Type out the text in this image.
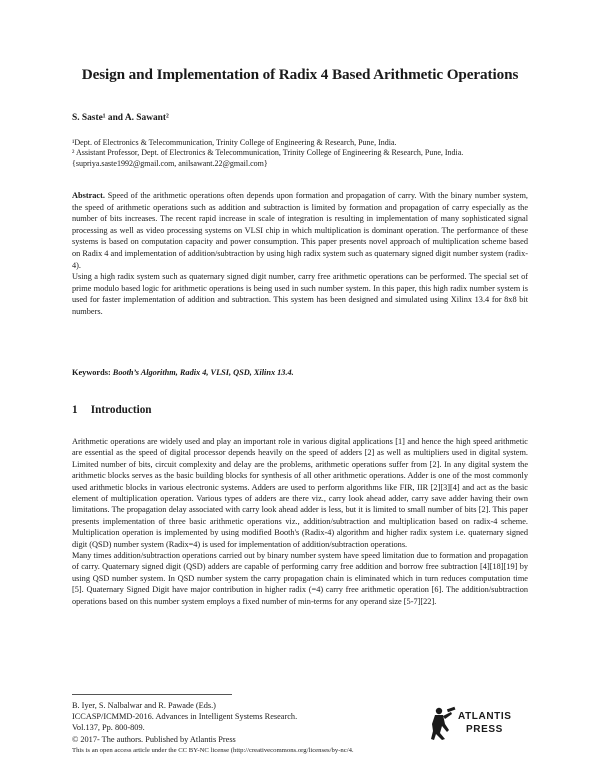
Design and Implementation of Radix 4 Based Arithmetic Operations
S. Saste¹ and A. Sawant²
¹Dept. of Electronics & Telecommunication, Trinity College of Engineering & Research, Pune, India.
² Assistant Professor, Dept. of Electronics & Telecommunication, Trinity College of Engineering & Research, Pune, India.
{supriya.saste1992@gmail.com, anilsawant.22@gmail.com}

Abstract. Speed of the arithmetic operations often depends upon formation and propagation of carry. With the binary number system, the speed of arithmetic operations such as addition and subtraction is limited by formation and propagation of carry especially as the number of bits increases. The recent rapid increase in scale of integration is resulting in implementation of many sophisticated signal processing as well as video processing systems on VLSI chip in which multiplication is dominant operation. The performance of these systems is based on computation capacity and power consumption. This paper presents novel approach of multiplication scheme based on Radix 4 and implementation of addition/subtraction by using high radix system such as quaternary signed digit number system (radix-4).

Using a high radix system such as quaternary signed digit number, carry free arithmetic operations can be performed. The special set of prime modulo based logic for arithmetic operations is being used in such number system. In this paper, this high radix number system is used for faster implementation of addition and subtraction. This system has been designed and simulated using Xilinx 13.4 for 8x8 bit numbers.

Keywords: Booth’s Algorithm, Radix 4, VLSI, QSD, Xilinx 13.4.
1 Introduction

Arithmetic operations are widely used and play an important role in various digital applications [1] and hence the high speed arithmetic are essential as the speed of digital processor depends heavily on the speed of adders [2] as well as multipliers used in digital system. Limited number of bits, circuit complexity and delay are the problems, arithmetic operations suffer from [2]. In any digital system the arithmetic blocks serves as the basic building blocks for synthesis of all other arithmetic operations. Adder is one of the most commonly used arithmetic blocks in various electronic systems. Adders are used to perform algorithms like FIR, IIR [2][3][4] and act as the basic element of multiplication operation. Various types of adders are there viz., carry look ahead adder, carry save adder having their own limitations. The propagation delay associated with carry look ahead adder is less, but it is limited to small number of bits [2]. This paper presents implementation of three basic arithmetic operations viz., addition/subtraction and multiplication based on radix-4 scheme. Multiplication operation is implemented by using modified Booth's (Radix-4) algorithm and higher radix system i.e. quaternary signed digit (QSD) number system (Radix=4) is used for implementation of addition/subtraction operations.

Many times addition/subtraction operations carried out by binary number system have speed limitation due to formation and propagation of carry. Quaternary signed digit (QSD) adders are capable of performing carry free addition and borrow free subtraction [4][18][19] by using QSD number system. In QSD number system the carry propagation chain is eliminated which in turn reduces computation time [5]. Quaternary Signed Digit have major contribution in higher radix (=4) carry free arithmetic operation [6]. The addition/subtraction operations based on this number system employs a fixed number of min-terms for any operand size [5-7][22].

B. Iyer, S. Nalbalwar and R. Pawade (Eds.)
ICCASP/ICMMD-2016. Advances in Intelligent Systems Research.
Vol.137, Pp. 800-809.
© 2017- The authors. Published by Atlantis Press
This is an open access article under the CC BY-NC license (http://creativecommons.org/licenses/by-nc/4.
ATLANTIS
PRESS
